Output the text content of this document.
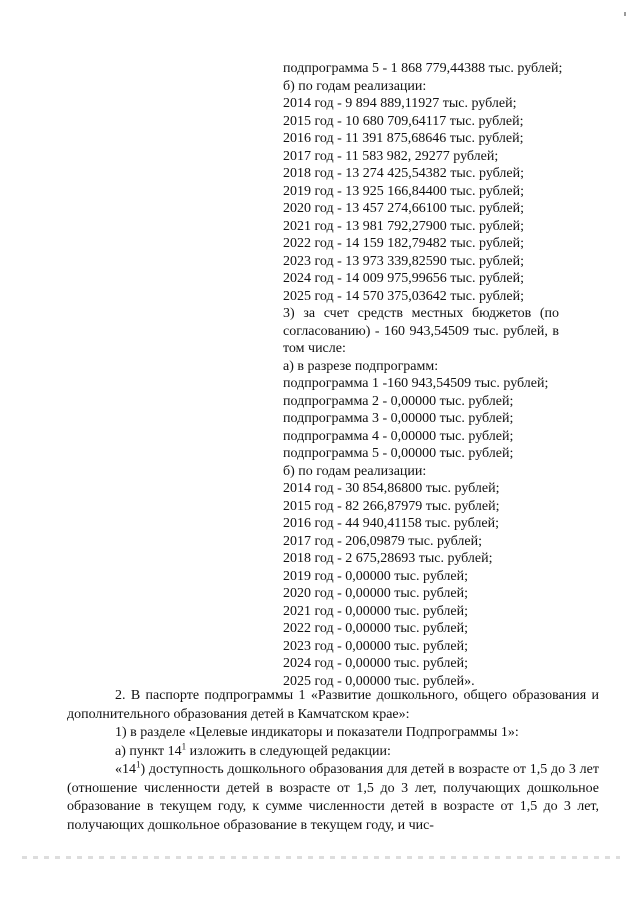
подпрограмма 5 - 1 868 779,44388 тыс. рублей;
б) по годам реализации:
2014 год - 9 894 889,11927 тыс. рублей;
2015 год - 10 680 709,64117 тыс. рублей;
2016 год - 11 391 875,68646 тыс. рублей;
2017 год - 11 583 982, 29277 рублей;
2018 год - 13 274 425,54382 тыс. рублей;
2019 год - 13 925 166,84400 тыс. рублей;
2020 год - 13 457 274,66100 тыс. рублей;
2021 год - 13 981 792,27900 тыс. рублей;
2022 год - 14 159 182,79482 тыс. рублей;
2023 год - 13 973 339,82590 тыс. рублей;
2024 год - 14 009 975,99656 тыс. рублей;
2025 год - 14 570 375,03642 тыс. рублей;
3) за счет средств местных бюджетов (по согласованию) - 160 943,54509 тыс. рублей, в том числе:
а) в разрезе подпрограмм:
подпрограмма 1 -160 943,54509 тыс. рублей;
подпрограмма 2 - 0,00000 тыс. рублей;
подпрограмма 3 - 0,00000 тыс. рублей;
подпрограмма 4 - 0,00000 тыс. рублей;
подпрограмма 5 - 0,00000 тыс. рублей;
б) по годам реализации:
2014 год - 30 854,86800 тыс. рублей;
2015 год - 82 266,87979 тыс. рублей;
2016 год - 44 940,41158 тыс. рублей;
2017 год - 206,09879 тыс. рублей;
2018 год - 2 675,28693 тыс. рублей;
2019 год - 0,00000 тыс. рублей;
2020 год - 0,00000 тыс. рублей;
2021 год - 0,00000 тыс. рублей;
2022 год - 0,00000 тыс. рублей;
2023 год - 0,00000 тыс. рублей;
2024 год - 0,00000 тыс. рублей;
2025 год - 0,00000 тыс. рублей».
2. В паспорте подпрограммы 1 «Развитие дошкольного, общего образования и дополнительного образования детей в Камчатском крае»:
1) в разделе «Целевые индикаторы и показатели Подпрограммы 1»:
а) пункт $14^1$ изложить в следующей редакции:
«$14^1$) доступность дошкольного образования для детей в возрасте от 1,5 до 3 лет (отношение численности детей в возрасте от 1,5 до 3 лет, получающих дошкольное образование в текущем году, к сумме численности детей в возрасте от 1,5 до 3 лет, получающих дошкольное образование в текущем году, и чис-
